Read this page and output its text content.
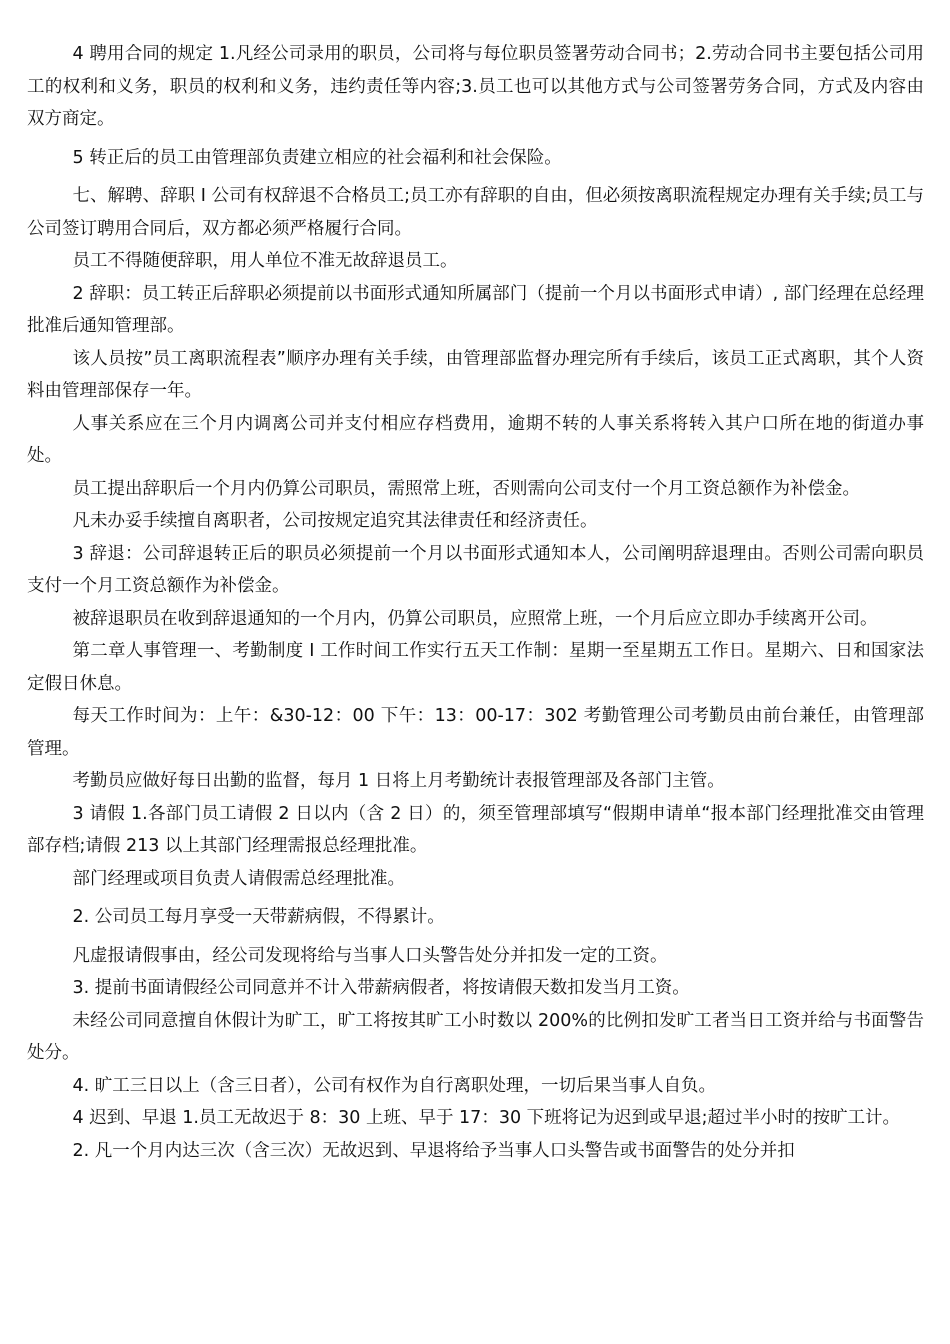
4 聘用合同的规定 1.凡经公司录用的职员，公司将与每位职员签署劳动合同书；2.劳动合同书主要包括公司用工的权利和义务，职员的权利和义务，违约责任等内容;3.员工也可以其他方式与公司签署劳务合同，方式及内容由双方商定。

5 转正后的员工由管理部负责建立相应的社会福利和社会保险。

七、解聘、辞职 I 公司有权辞退不合格员工;员工亦有辞职的自由，但必须按离职流程规定办理有关手续;员工与公司签订聘用合同后，双方都必须严格履行合同。

员工不得随便辞职，用人单位不准无故辞退员工。

2 辞职：员工转正后辞职必须提前以书面形式通知所属部门（提前一个月以书面形式申请）, 部门经理在总经理批准后通知管理部。

该人员按”员工离职流程表”顺序办理有关手续，由管理部监督办理完所有手续后，该员工正式离职，其个人资料由管理部保存一年。

人事关系应在三个月内调离公司并支付相应存档费用，逾期不转的人事关系将转入其户口所在地的街道办事处。

员工提出辞职后一个月内仍算公司职员，需照常上班，否则需向公司支付一个月工资总额作为补偿金。

凡未办妥手续擅自离职者，公司按规定追究其法律责任和经济责任。

3 辞退：公司辞退转正后的职员必须提前一个月以书面形式通知本人，公司阐明辞退理由。否则公司需向职员支付一个月工资总额作为补偿金。

被辞退职员在收到辞退通知的一个月内，仍算公司职员，应照常上班，一个月后应立即办手续离开公司。

第二章人事管理一、考勤制度 I 工作时间工作实行五天工作制：星期一至星期五工作日。星期六、日和国家法定假日休息。

每天工作时间为：上午：&30-12：00 下午：13：00-17：302 考勤管理公司考勤员由前台兼任，由管理部管理。

考勤员应做好每日出勤的监督，每月 1 日将上月考勤统计表报管理部及各部门主管。

3 请假 1.各部门员工请假 2 日以内（含 2 日）的，须至管理部填写“假期申请单“报本部门经理批准交由管理部存档;请假 213 以上其部门经理需报总经理批准。

部门经理或项目负责人请假需总经理批准。

2. 公司员工每月享受一天带薪病假，不得累计。

凡虚报请假事由，经公司发现将给与当事人口头警告处分并扣发一定的工资。

3. 提前书面请假经公司同意并不计入带薪病假者，将按请假天数扣发当月工资。

未经公司同意擅自休假计为旷工，旷工将按其旷工小时数以 200%的比例扣发旷工者当日工资并给与书面警告处分。

4. 旷工三日以上（含三日者），公司有权作为自行离职处理，一切后果当事人自负。

4 迟到、早退 1.员工无故迟于 8：30 上班、早于 17：30 下班将记为迟到或早退;超过半小时的按旷工计。

2. 凡一个月内达三次（含三次）无故迟到、早退将给予当事人口头警告或书面警告的处分并扣
